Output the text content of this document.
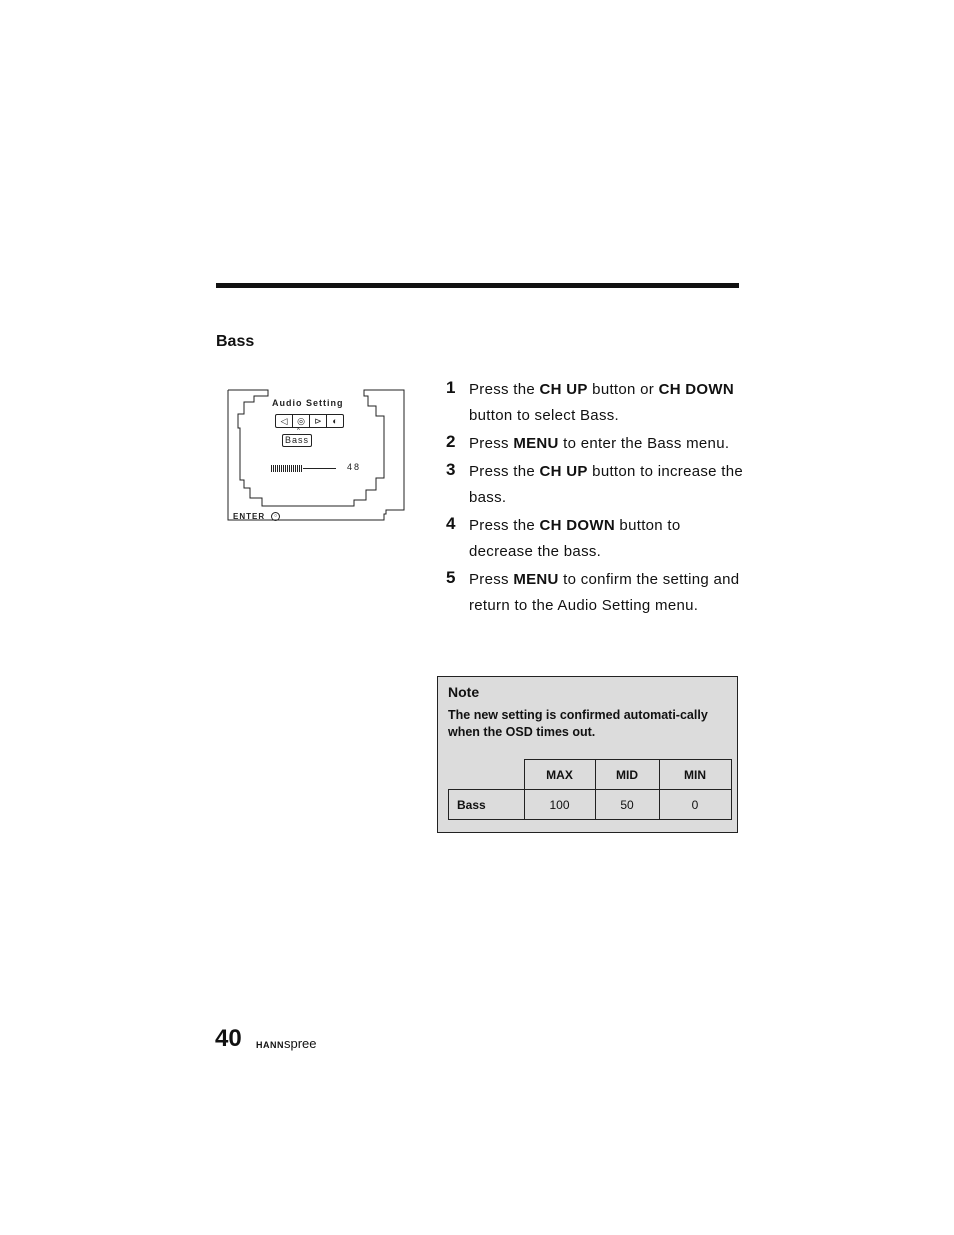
Bass
Audio Setting
◁	◎	⊳	◐
^
Bass
48
ENTER	○
1 Press the CH UP button or CH DOWN button to select Bass.
2 Press MENU to enter the Bass menu.
3 Press the CH UP button to increase the bass.
4 Press the CH DOWN button to decrease the bass.
5 Press MENU to confirm the setting and return to the Audio Setting menu.
Note
The new setting is confirmed automati-cally when the OSD times out.
	MAX	MID	MIN
Bass	100	50	0
40 HANNspree
